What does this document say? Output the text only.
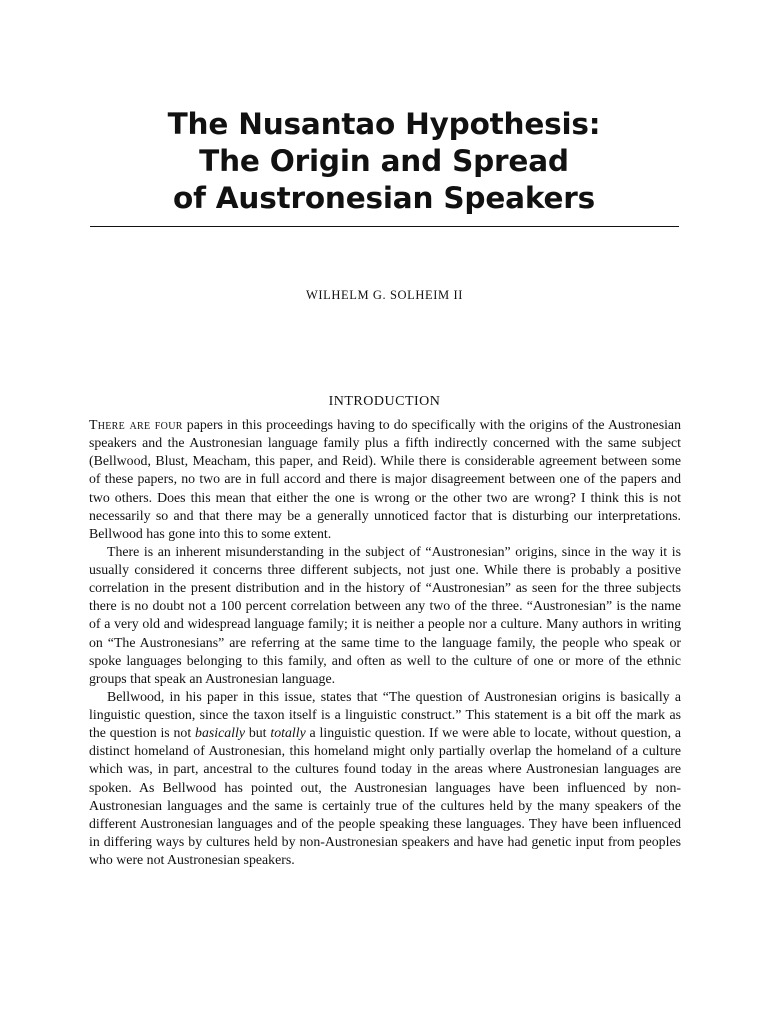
The Nusantao Hypothesis:
The Origin and Spread
of Austronesian Speakers
WILHELM G. SOLHEIM II
INTRODUCTION

There are four papers in this proceedings having to do specifically with the origins of the Austronesian speakers and the Austronesian language family plus a fifth indirectly concerned with the same subject (Bellwood, Blust, Meacham, this paper, and Reid). While there is considerable agreement between some of these papers, no two are in full accord and there is major disagreement between one of the papers and two others. Does this mean that either the one is wrong or the other two are wrong? I think this is not necessarily so and that there may be a generally unnoticed factor that is disturbing our interpretations. Bellwood has gone into this to some extent.

There is an inherent misunderstanding in the subject of “Austronesian” origins, since in the way it is usually considered it concerns three different subjects, not just one. While there is probably a positive correlation in the present distribution and in the history of “Austronesian” as seen for the three subjects there is no doubt not a 100 percent correlation between any two of the three. “Austronesian” is the name of a very old and widespread language family; it is neither a people nor a culture. Many authors in writing on “The Austronesians” are referring at the same time to the language family, the people who speak or spoke languages belonging to this family, and often as well to the culture of one or more of the ethnic groups that speak an Austronesian language.

Bellwood, in his paper in this issue, states that “The question of Austronesian origins is basically a linguistic question, since the taxon itself is a linguistic construct.” This statement is a bit off the mark as the question is not basically but totally a linguistic question. If we were able to locate, without question, a distinct homeland of Austronesian, this homeland might only partially overlap the homeland of a culture which was, in part, ancestral to the cultures found today in the areas where Austronesian languages are spoken. As Bellwood has pointed out, the Austronesian languages have been influenced by non-Austronesian languages and the same is certainly true of the cultures held by the many speakers of the different Austronesian languages and of the people speaking these languages. They have been influenced in differing ways by cultures held by non-Austronesian speakers and have had genetic input from peoples who were not Austronesian speakers.
